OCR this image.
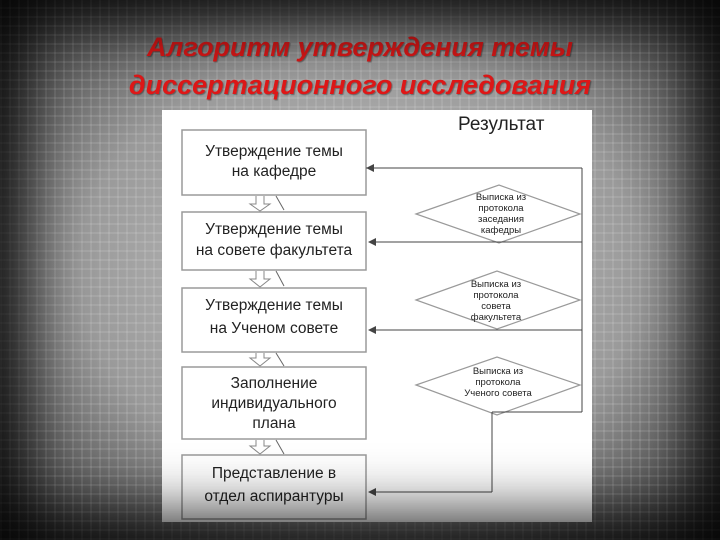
Алгоритм утверждения темы
диссертационного исследования
Результат
Утверждение темы
на кафедре
Утверждение темы
на совете факультета
Утверждение темы
на Ученом совете
Заполнение
индивидуального
плана
Представление в
отдел аспирантуры
Выписка из
протокола
заседания
кафедры
Выписка из
протокола
совета
факультета
Выписка из
протокола
Ученого совета
